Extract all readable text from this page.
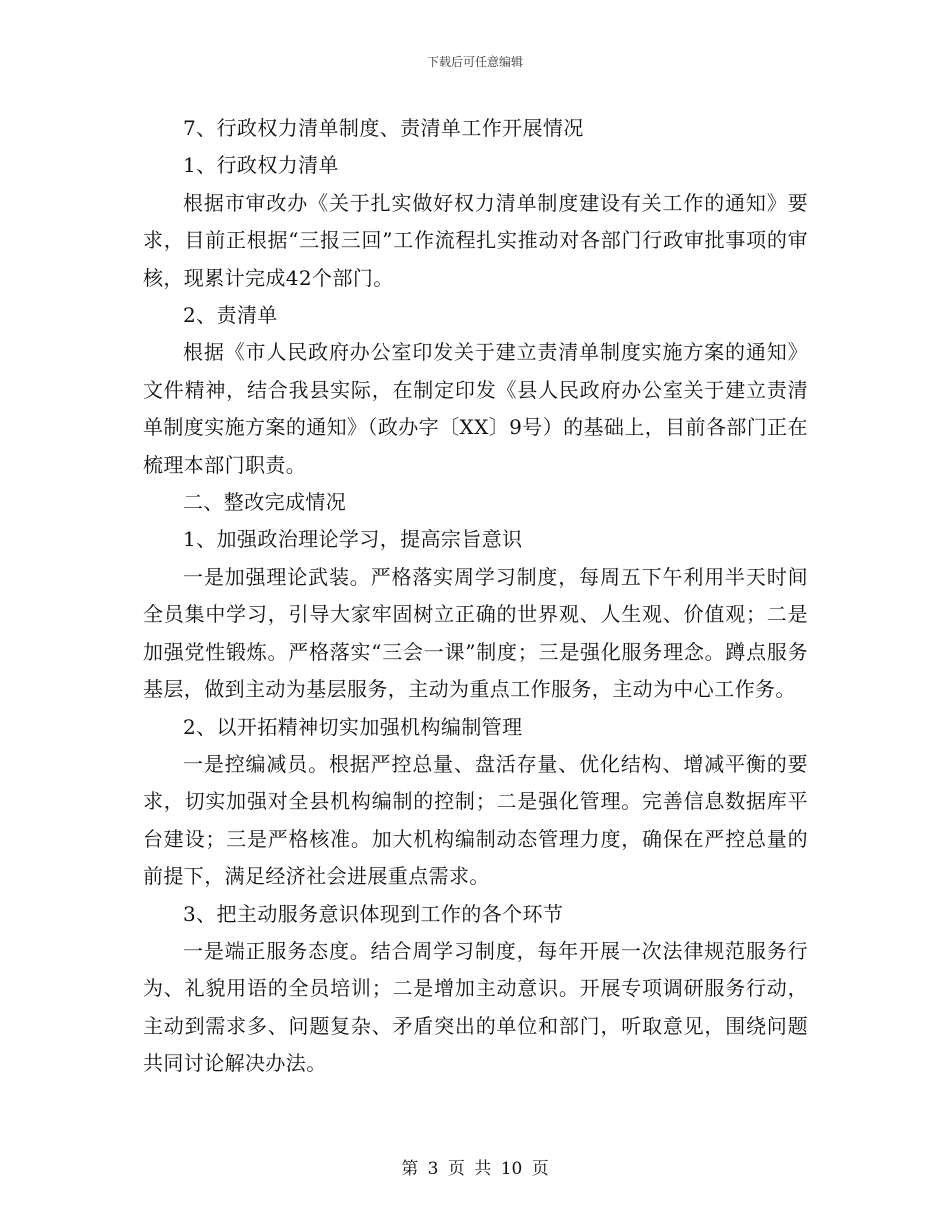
下载后可任意编辑

7、行政权力清单制度、责清单工作开展情况

1、行政权力清单

根据市审改办《关于扎实做好权力清单制度建设有关工作的通知》要求，目前正根据“三报三回”工作流程扎实推动对各部门行政审批事项的审核，现累计完成42个部门。

2、责清单

根据《市人民政府办公室印发关于建立责清单制度实施方案的通知》文件精神，结合我县实际，在制定印发《县人民政府办公室关于建立责清单制度实施方案的通知》（政办字〔XX〕9号）的基础上，目前各部门正在梳理本部门职责。

二、整改完成情况

1、加强政治理论学习，提高宗旨意识

一是加强理论武装。严格落实周学习制度，每周五下午利用半天时间全员集中学习，引导大家牢固树立正确的世界观、人生观、价值观；二是加强党性锻炼。严格落实“三会一课”制度；三是强化服务理念。蹲点服务基层，做到主动为基层服务，主动为重点工作服务，主动为中心工作务。

2、以开拓精神切实加强机构编制管理

一是控编减员。根据严控总量、盘活存量、优化结构、增减平衡的要求，切实加强对全县机构编制的控制；二是强化管理。完善信息数据库平台建设；三是严格核准。加大机构编制动态管理力度，确保在严控总量的前提下，满足经济社会进展重点需求。

3、把主动服务意识体现到工作的各个环节

一是端正服务态度。结合周学习制度，每年开展一次法律规范服务行为、礼貌用语的全员培训；二是增加主动意识。开展专项调研服务行动，主动到需求多、问题复杂、矛盾突出的单位和部门，听取意见，围绕问题共同讨论解决办法。

第 3 页 共 10 页
